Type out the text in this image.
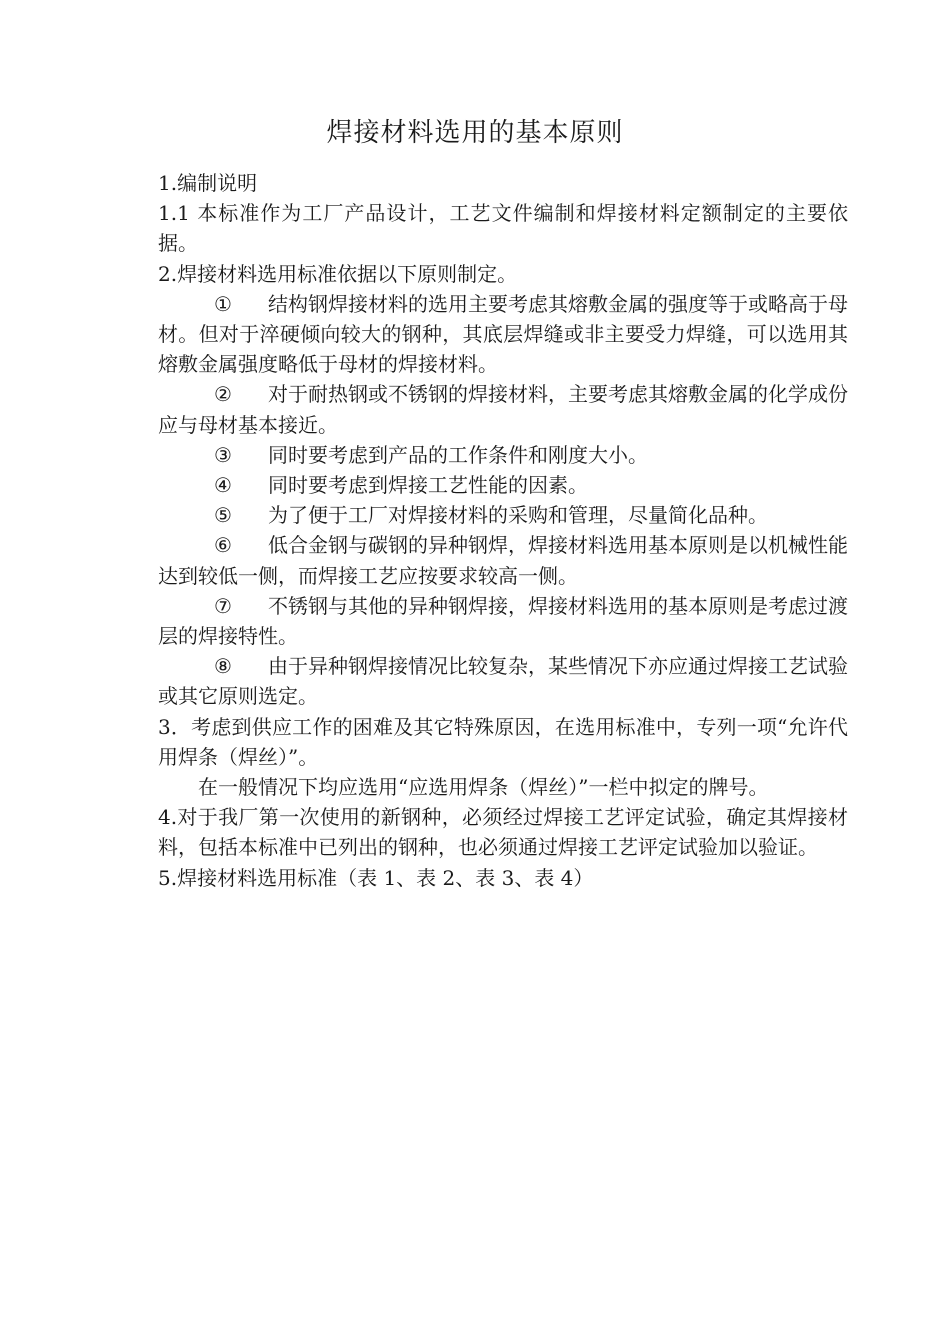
焊接材料选用的基本原则

1.编制说明

1.1 本标准作为工厂产品设计，工艺文件编制和焊接材料定额制定的主要依据。

2.焊接材料选用标准依据以下原则制定。

① 结构钢焊接材料的选用主要考虑其熔敷金属的强度等于或略高于母材。但对于淬硬倾向较大的钢种，其底层焊缝或非主要受力焊缝，可以选用其熔敷金属强度略低于母材的焊接材料。

② 对于耐热钢或不锈钢的焊接材料，主要考虑其熔敷金属的化学成份应与母材基本接近。

③ 同时要考虑到产品的工作条件和刚度大小。

④ 同时要考虑到焊接工艺性能的因素。

⑤ 为了便于工厂对焊接材料的采购和管理，尽量简化品种。

⑥ 低合金钢与碳钢的异种钢焊，焊接材料选用基本原则是以机械性能达到较低一侧，而焊接工艺应按要求较高一侧。

⑦ 不锈钢与其他的异种钢焊接，焊接材料选用的基本原则是考虑过渡层的焊接特性。

⑧ 由于异种钢焊接情况比较复杂，某些情况下亦应通过焊接工艺试验或其它原则选定。

3．考虑到供应工作的困难及其它特殊原因，在选用标准中，专列一项“允许代用焊条（焊丝）”。

在一般情况下均应选用“应选用焊条（焊丝）”一栏中拟定的牌号。

4.对于我厂第一次使用的新钢种，必须经过焊接工艺评定试验，确定其焊接材料，包括本标准中已列出的钢种，也必须通过焊接工艺评定试验加以验证。

5.焊接材料选用标准（表 1、表 2、表 3、表 4）
